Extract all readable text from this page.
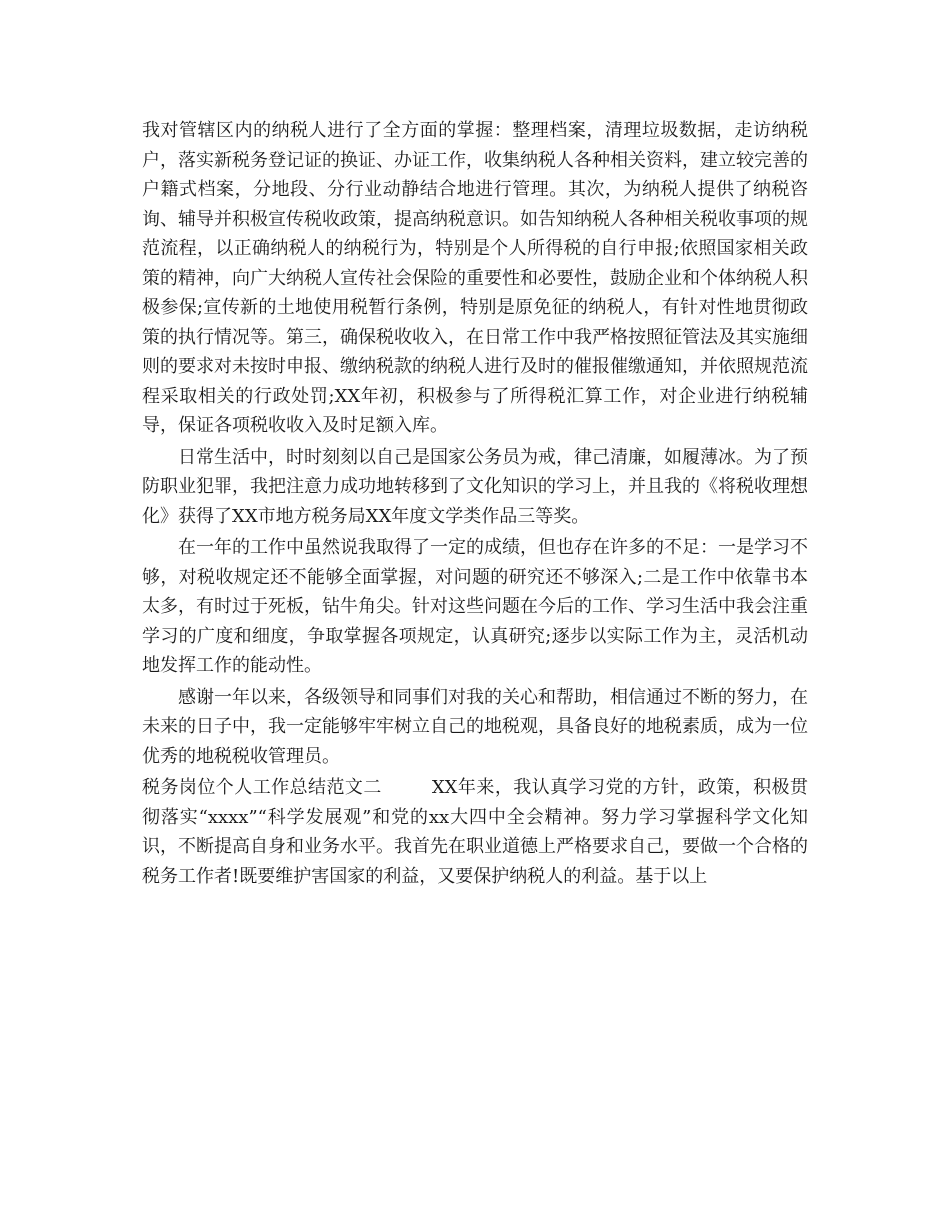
我对管辖区内的纳税人进行了全方面的掌握：整理档案，清理垃圾数据，走访纳税户，落实新税务登记证的换证、办证工作，收集纳税人各种相关资料，建立较完善的户籍式档案，分地段、分行业动静结合地进行管理。其次，为纳税人提供了纳税咨询、辅导并积极宣传税收政策，提高纳税意识。如告知纳税人各种相关税收事项的规范流程，以正确纳税人的纳税行为，特别是个人所得税的自行申报;依照国家相关政策的精神，向广大纳税人宣传社会保险的重要性和必要性，鼓励企业和个体纳税人积极参保;宣传新的土地使用税暂行条例，特别是原免征的纳税人，有针对性地贯彻政策的执行情况等。第三，确保税收收入，在日常工作中我严格按照征管法及其实施细则的要求对未按时申报、缴纳税款的纳税人进行及时的催报催缴通知，并依照规范流程采取相关的行政处罚;XX年初，积极参与了所得税汇算工作，对企业进行纳税辅导，保证各项税收收入及时足额入库。

日常生活中，时时刻刻以自己是国家公务员为戒，律己清廉，如履薄冰。为了预防职业犯罪，我把注意力成功地转移到了文化知识的学习上，并且我的《将税收理想化》获得了XX市地方税务局XX年度文学类作品三等奖。

在一年的工作中虽然说我取得了一定的成绩，但也存在许多的不足：一是学习不够，对税收规定还不能够全面掌握，对问题的研究还不够深入;二是工作中依靠书本太多，有时过于死板，钻牛角尖。针对这些问题在今后的工作、学习生活中我会注重学习的广度和细度，争取掌握各项规定，认真研究;逐步以实际工作为主，灵活机动地发挥工作的能动性。

感谢一年以来，各级领导和同事们对我的关心和帮助，相信通过不断的努力，在未来的日子中，我一定能够牢牢树立自己的地税观，具备良好的地税素质，成为一位优秀的地税税收管理员。

税务岗位个人工作总结范文二	XX年来，我认真学习党的方针，政策，积极贯彻落实“xxxx”“科学发展观”和党的xx大四中全会精神。努力学习掌握科学文化知识，不断提高自身和业务水平。我首先在职业道德上严格要求自己，要做一个合格的税务工作者!既要维护害国家的利益，又要保护纳税人的利益。基于以上
